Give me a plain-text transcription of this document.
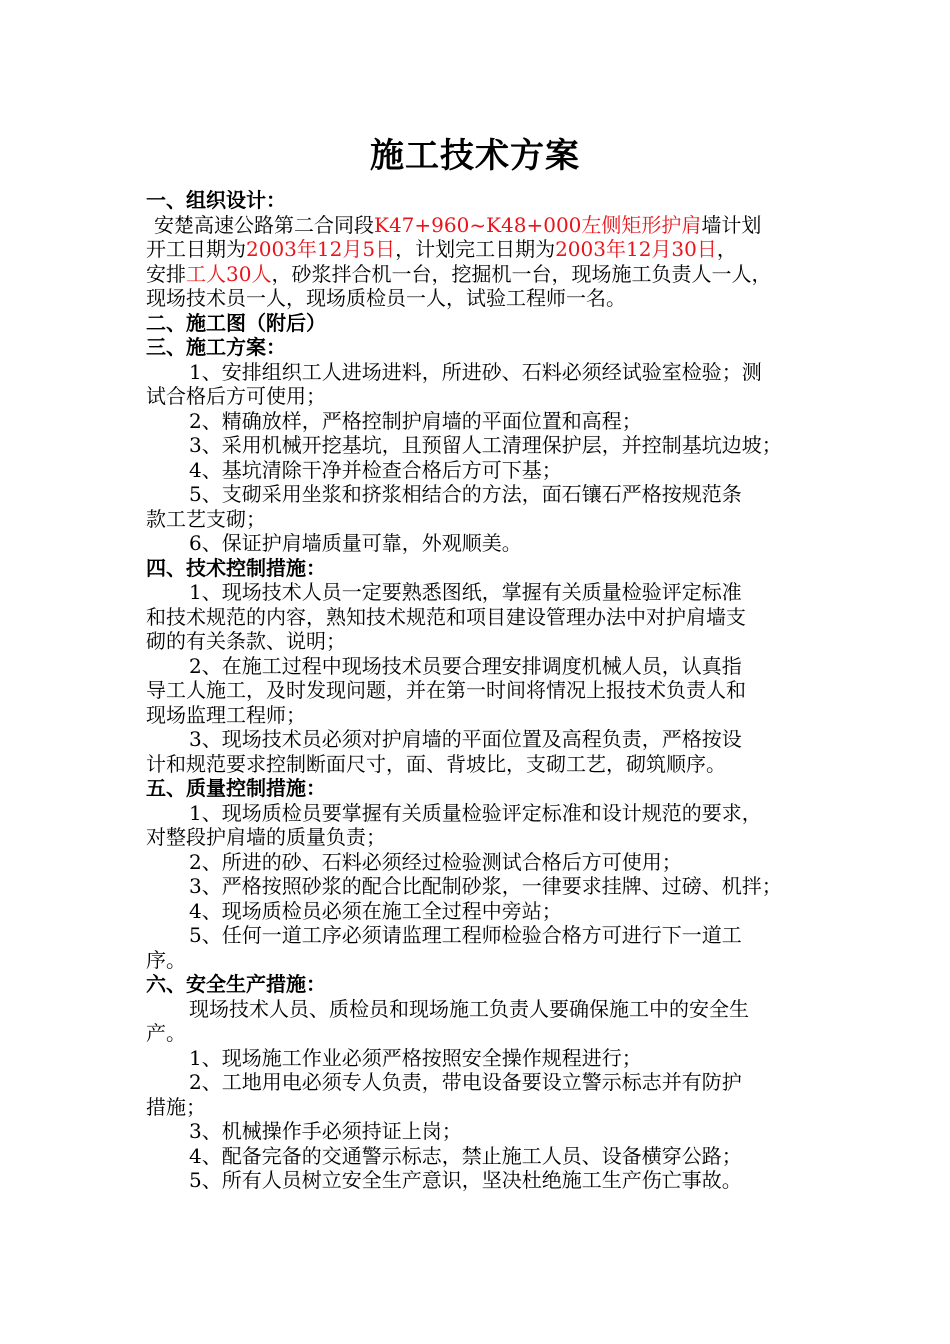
施工技术方案
一、组织设计：
安楚高速公路第二合同段K47+960~K48+000左侧矩形护肩墙计划
开工日期为2003年12月5日，计划完工日期为2003年12月30日，
安排工人30人，砂浆拌合机一台，挖掘机一台，现场施工负责人一人，
现场技术员一人，现场质检员一人，试验工程师一名。
二、施工图（附后）
三、施工方案：
1、安排组织工人进场进料，所进砂、石料必须经试验室检验；测
试合格后方可使用；
2、精确放样，严格控制护肩墙的平面位置和高程；
3、采用机械开挖基坑，且预留人工清理保护层，并控制基坑边坡；
4、基坑清除干净并检查合格后方可下基；
5、支砌采用坐浆和挤浆相结合的方法，面石镶石严格按规范条
款工艺支砌；
6、保证护肩墙质量可靠，外观顺美。
四、技术控制措施：
1、现场技术人员一定要熟悉图纸，掌握有关质量检验评定标准
和技术规范的内容，熟知技术规范和项目建设管理办法中对护肩墙支
砌的有关条款、说明；
2、在施工过程中现场技术员要合理安排调度机械人员，认真指
导工人施工，及时发现问题，并在第一时间将情况上报技术负责人和
现场监理工程师；
3、现场技术员必须对护肩墙的平面位置及高程负责，严格按设
计和规范要求控制断面尺寸，面、背坡比，支砌工艺，砌筑顺序。
五、质量控制措施：
1、现场质检员要掌握有关质量检验评定标准和设计规范的要求，
对整段护肩墙的质量负责；
2、所进的砂、石料必须经过检验测试合格后方可使用；
3、严格按照砂浆的配合比配制砂浆，一律要求挂牌、过磅、机拌；
4、现场质检员必须在施工全过程中旁站；
5、任何一道工序必须请监理工程师检验合格方可进行下一道工
序。
六、安全生产措施：
现场技术人员、质检员和现场施工负责人要确保施工中的安全生
产。
1、现场施工作业必须严格按照安全操作规程进行；
2、工地用电必须专人负责，带电设备要设立警示标志并有防护
措施；
3、机械操作手必须持证上岗；
4、配备完备的交通警示标志，禁止施工人员、设备横穿公路；
5、所有人员树立安全生产意识，坚决杜绝施工生产伤亡事故。
